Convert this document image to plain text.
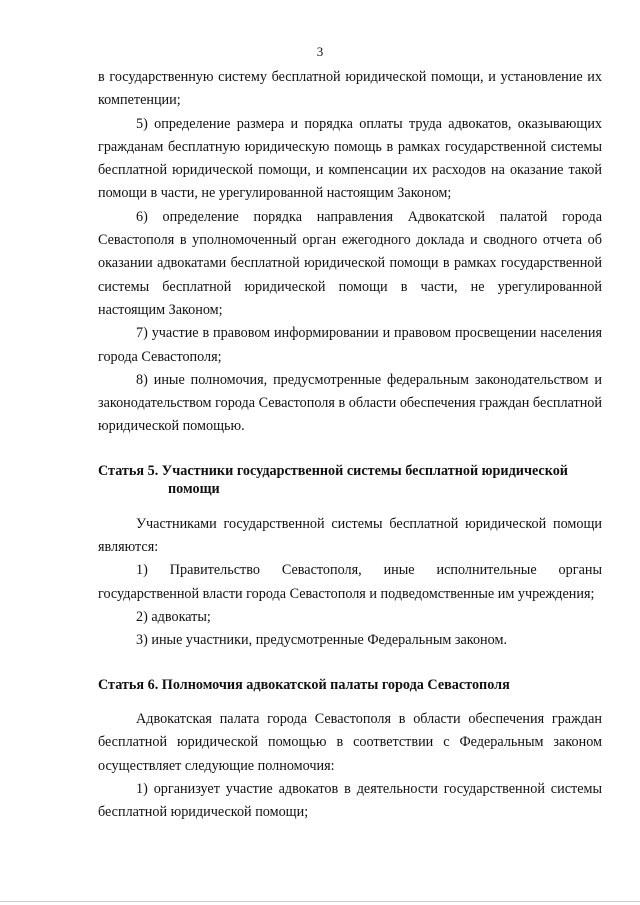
3

в государственную систему бесплатной юридической помощи, и установление их компетенции;

5) определение размера и порядка оплаты труда адвокатов, оказывающих гражданам бесплатную юридическую помощь в рамках государственной системы бесплатной юридической помощи, и компенсации их расходов на оказание такой помощи в части, не урегулированной настоящим Законом;

6) определение порядка направления Адвокатской палатой города Севастополя в уполномоченный орган ежегодного доклада и сводного отчета об оказании адвокатами бесплатной юридической помощи в рамках государственной системы бесплатной юридической помощи в части, не урегулированной настоящим Законом;

7) участие в правовом информировании и правовом просвещении населения города Севастополя;

8) иные полномочия, предусмотренные федеральным законодательством и законодательством города Севастополя в области обеспечения граждан бесплатной юридической помощью.

Статья 5. Участники государственной системы бесплатной юридической помощи

Участниками государственной системы бесплатной юридической помощи являются:

1) Правительство Севастополя, иные исполнительные органы государственной власти города Севастополя и подведомственные им учреждения;

2) адвокаты;

3) иные участники, предусмотренные Федеральным законом.

Статья 6. Полномочия адвокатской палаты города Севастополя

Адвокатская палата города Севастополя в области обеспечения граждан бесплатной юридической помощью в соответствии с Федеральным законом осуществляет следующие полномочия:

1) организует участие адвокатов в деятельности государственной системы бесплатной юридической помощи;
